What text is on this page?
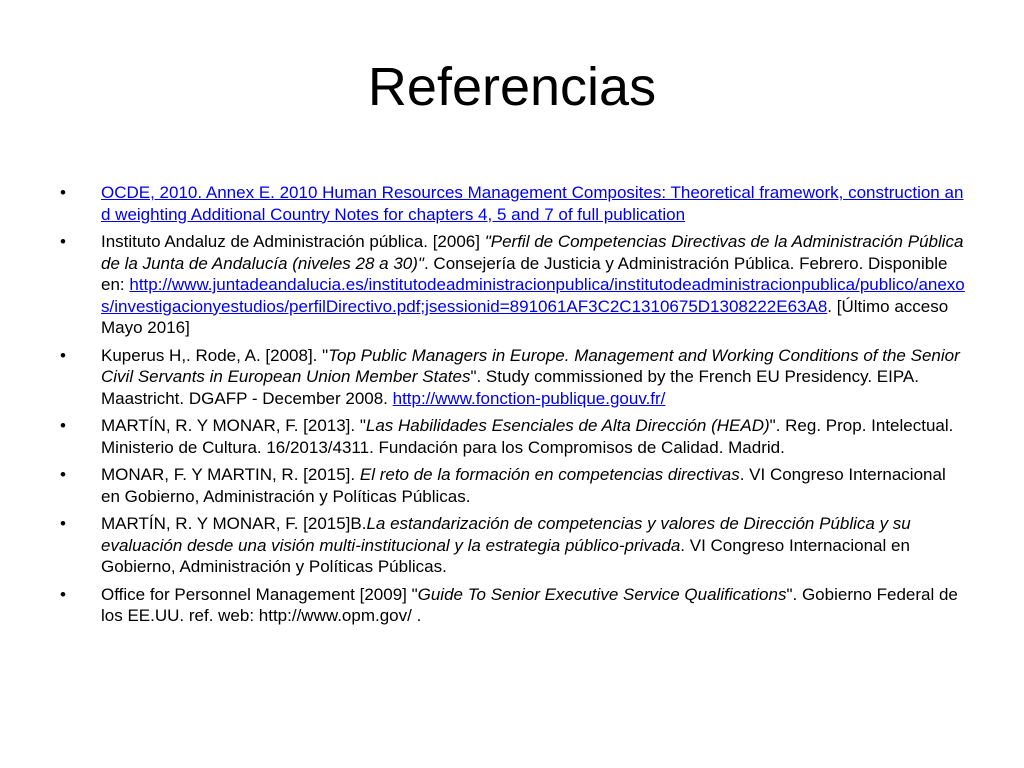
Referencias
•	OCDE, 2010. Annex E. 2010 Human Resources Management Composites: Theoretical framework, construction and weighting Additional Country Notes for chapters 4, 5 and 7 of full publication
•	Instituto Andaluz de Administración pública. [2006] "Perfil de Competencias Directivas de la Administración Pública de la Junta de Andalucía (niveles 28 a 30)". Consejería de Justicia y Administración Pública. Febrero. Disponible en: http://www.juntadeandalucia.es/institutodeadministracionpublica/institutodeadministracionpublica/publico/anexos/investigacionyestudios/perfilDirectivo.pdf;jsessionid=891061AF3C2C1310675D1308222E63A8. [Último acceso Mayo 2016]
•	Kuperus H,. Rode, A. [2008]. "Top Public Managers in Europe. Management and Working Conditions of the Senior Civil Servants in European Union Member States". Study commissioned by the French EU Presidency. EIPA. Maastricht. DGAFP - December 2008. http://www.fonction-publique.gouv.fr/
•	MARTÍN, R. Y MONAR, F. [2013]. "Las Habilidades Esenciales de Alta Dirección (HEAD)". Reg. Prop. Intelectual. Ministerio de Cultura. 16/2013/4311. Fundación para los Compromisos de Calidad. Madrid.
•	MONAR, F. Y MARTIN, R. [2015]. El reto de la formación en competencias directivas. VI Congreso Internacional en Gobierno, Administración y Políticas Públicas.
•	MARTÍN, R. Y MONAR, F. [2015]B.La estandarización de competencias y valores de Dirección Pública y su evaluación desde una visión multi-institucional y la estrategia público-privada. VI Congreso Internacional en Gobierno, Administración y Políticas Públicas.
•	Office for Personnel Management [2009] "Guide To Senior Executive Service Qualifications". Gobierno Federal de los EE.UU. ref. web: http://www.opm.gov/ .
